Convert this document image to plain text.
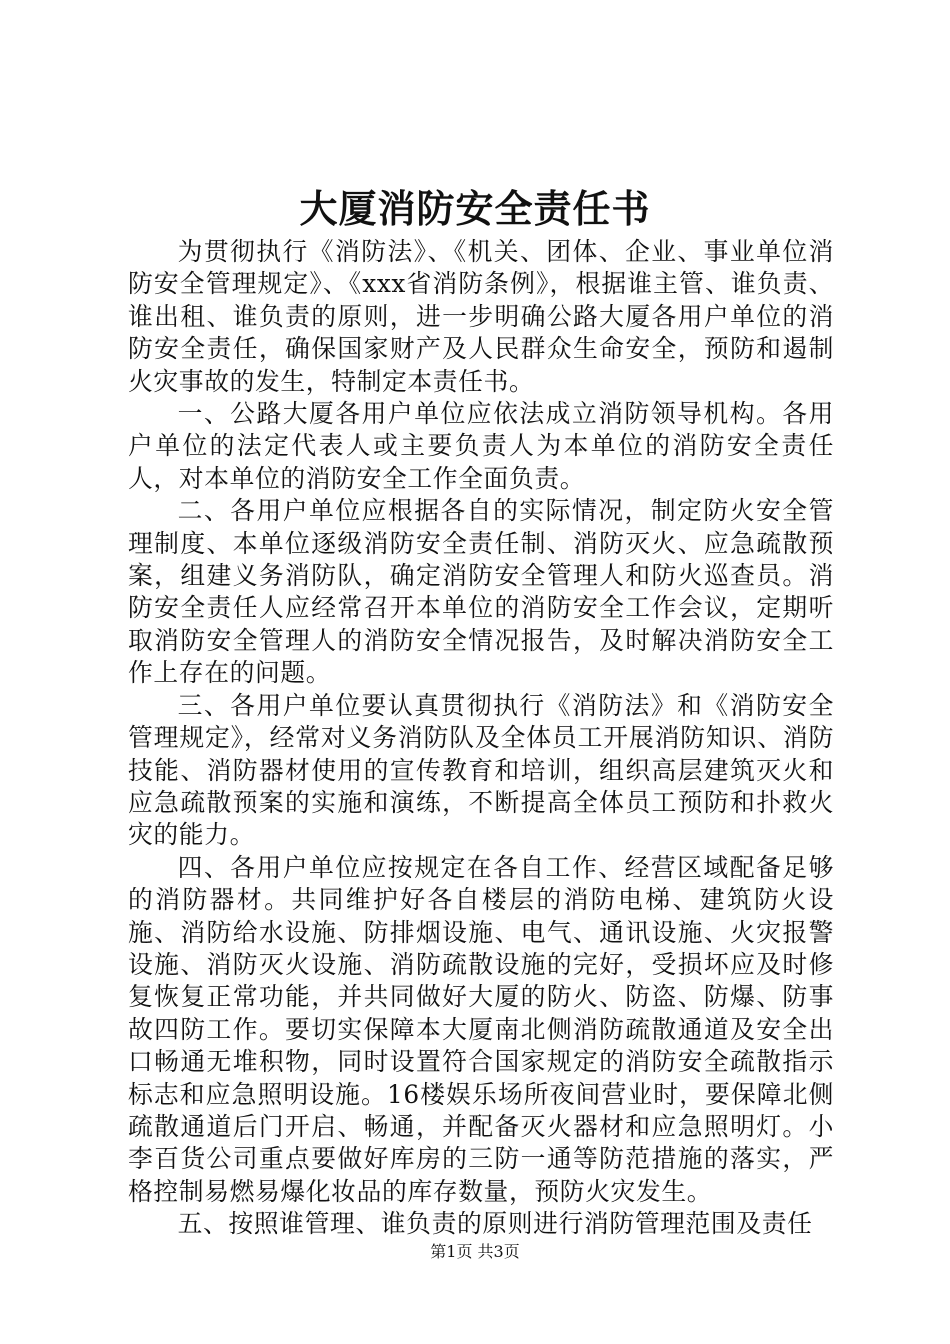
大厦消防安全责任书

为贯彻执行《消防法》、《机关、团体、企业、事业单位消防安全管理规定》、《xxx省消防条例》，根据谁主管、谁负责、谁出租、谁负责的原则，进一步明确公路大厦各用户单位的消防安全责任，确保国家财产及人民群众生命安全，预防和遏制火灾事故的发生，特制定本责任书。

一、公路大厦各用户单位应依法成立消防领导机构。各用户单位的法定代表人或主要负责人为本单位的消防安全责任人，对本单位的消防安全工作全面负责。

二、各用户单位应根据各自的实际情况，制定防火安全管理制度、本单位逐级消防安全责任制、消防灭火、应急疏散预案，组建义务消防队，确定消防安全管理人和防火巡查员。消防安全责任人应经常召开本单位的消防安全工作会议，定期听取消防安全管理人的消防安全情况报告，及时解决消防安全工作上存在的问题。

三、各用户单位要认真贯彻执行《消防法》和《消防安全管理规定》，经常对义务消防队及全体员工开展消防知识、消防技能、消防器材使用的宣传教育和培训，组织高层建筑灭火和应急疏散预案的实施和演练，不断提高全体员工预防和扑救火灾的能力。

四、各用户单位应按规定在各自工作、经营区域配备足够的消防器材。共同维护好各自楼层的消防电梯、建筑防火设施、消防给水设施、防排烟设施、电气、通讯设施、火灾报警设施、消防灭火设施、消防疏散设施的完好，受损坏应及时修复恢复正常功能，并共同做好大厦的防火、防盗、防爆、防事故四防工作。要切实保障本大厦南北侧消防疏散通道及安全出口畅通无堆积物，同时设置符合国家规定的消防安全疏散指示标志和应急照明设施。16楼娱乐场所夜间营业时，要保障北侧疏散通道后门开启、畅通，并配备灭火器材和应急照明灯。小李百货公司重点要做好库房的三防一通等防范措施的落实，严格控制易燃易爆化妆品的库存数量，预防火灾发生。

五、按照谁管理、谁负责的原则进行消防管理范围及责任

第1页 共3页
